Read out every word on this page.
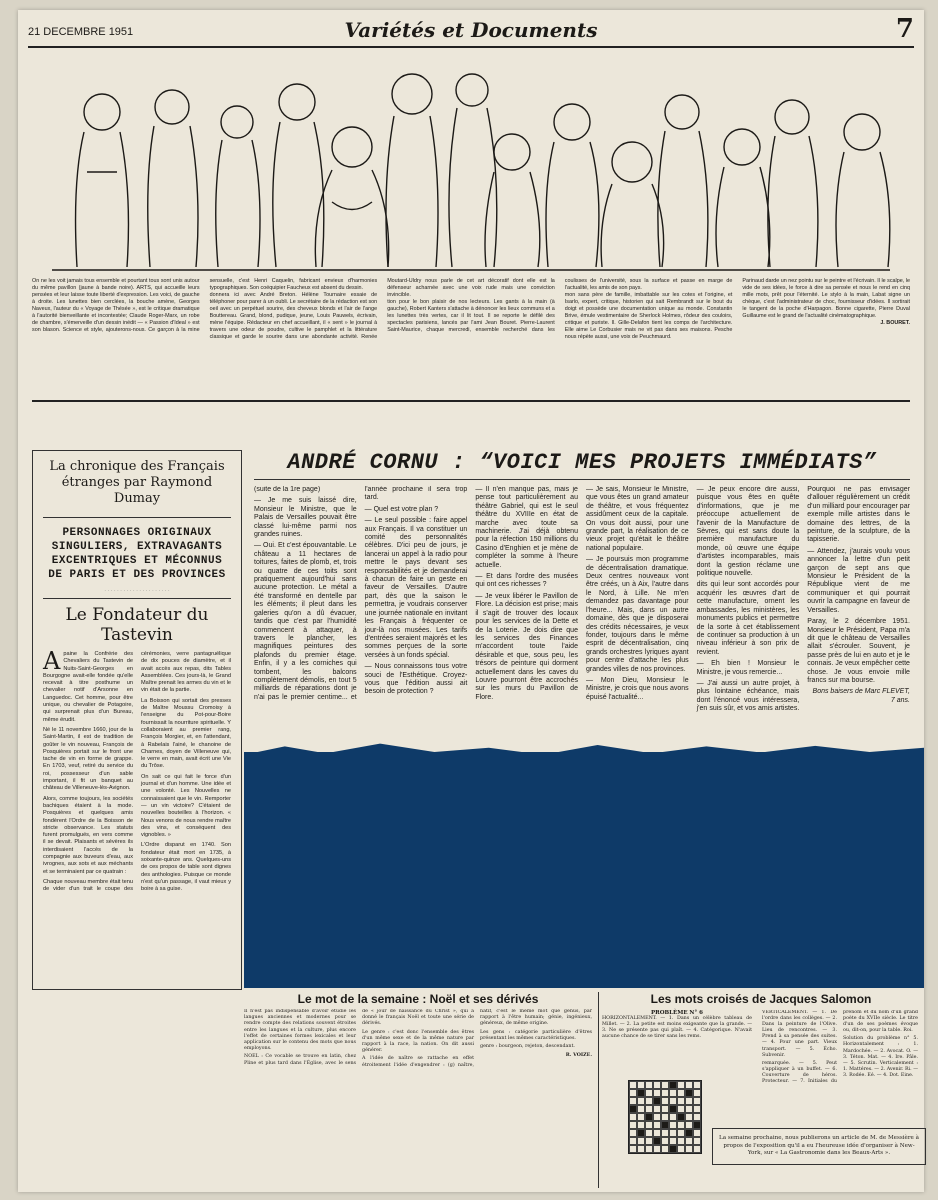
21 DECEMBRE 1951	Variétés et Documents	7

On ne les voit jamais tous ensemble et pourtant tous sont unis autour du même pavillon (jaune à bande noire). ARTS, qui accueille leurs pensées et leur laisse toute liberté d'expression. Les voici, de gauche à droite. Les lunettes bien cerclées, la bouche amène, Georges Naveux, l'auteur du « Voyage de Thésée », est le critique dramatique à l'autorité bienveillante et incontestée; Claude Roger-Marx, un robe de chambre, s'émerveille d'un dessin inédit — « Passion d'Ideal » est son blason. Science et style, ajouterons-nous. Ce garçon à la mine sensuelle, c'est Henri Caquelin, fabricant envieux d'harmonies typographiques. Son coéquipier Faucheux est absent du dessin.

donnera ici avec André Breton. Hélène Tournaire essaie de téléphoner pour parer à un oubli. Le secrétaire de la rédaction est son oeil avec un perpétuel sourire, des cheveux blonds et l'air de l'ange Bouttereau. Grand, blond, pudique, jeune, Louis Pauwels, écrivain, mène l'équipe. Rédacteur en chef accueillant, il « sent » le journal à travers une odeur de poudre, cultive le pamphlet et la littérature classique et garde le sourire dans une abondante activité. Renée Moutard-Uldry nous parle de cet art décoratif dont elle est la défenseur acharnée avec une voix rude mais une conviction invincible.

tion pour le bon plaisir de nos lecteurs. Les gants à la main (à gauche), Robert Kanters s'attache à dénoncer les lieux communs et a les lunettes très vertes, car il lit tout. Il se reporte le défilé des spectacles parisiens, lancés par l'ami Jean Bouret. Pierre-Laurent Saint-Maurice, chaque mercredi, ensemble recherché dans les coulisses de l'université, sous la surface et passe en marge de l'actualité, les amis de son pays.

mon sans père de famille, imbattable sur les cotes et l'origine, et Isarlo, expert, critique, historien qui sait Rembrandt sur le bout du doigt et possède une documentation unique au monde. Constantin Brive, émule vestimentaire de Sherlock Holmes, rôdeur des couloirs, critique et puriste. Il. Gille-Delafon tient les comps de l'architecture. Elle aime Le Corbusier mais ne vit pas dans ses maisons. Pesche nous répète aussi, une voix de Peuchmaurd.

Parinaud darde un nez pointu sur le peintre et l'écrivain. Il le scalpe, le vide de ses idées, le force à dire sa pensée et nous le rend en cinq mille mots, prêt pour l'éternité. Le stylo à la main, Labat signe un chèque, c'est l'administrateur de choc, fournisseur d'idées. Il sortirait le tangent de la poche d'Harpagon. Bonne cigarette, Pierre Duval Guillaume est le grand de l'actualité cinématographique.

J. BOURET.

La chronique des Français étranges par Raymond Dumay
PERSONNAGES ORIGINAUX SINGULIERS, EXTRAVAGANTS EXCENTRIQUES ET MÉCONNUS DE PARIS ET DES PROVINCES
· · · · · · · · · · · · · · · · · · · · ·
Le Fondateur du Tastevin

Apaine la Confrérie des Chevaliers du Tastevin de Nuits-Saint-Georges en Bourgogne avait-elle fondée qu'elle recevait à titre posthume un chevalier notif d'Arsonne en Languedoc. Cet homme, pour être unique, ou chevalier de Potagoire, qui surprenait plus d'un Bureau, même érudit.

Né le 11 novembre 1660, jour de la Saint-Martin, il est de tradition de goûter le vin nouveau, François de Posquières portait sur le front une tache de vin en forme de grappe. En 1703, veuf, retiré du service du roi, possesseur d'un sable important, il fit un banquet au château de Villeneuve-lès-Avignon.

Alors, comme toujours, les sociétés bachiques étaient à la mode. Posquières et quelques amis fondèrent l'Ordre de la Boisson de stricte observance. Les statuts furent promulgués, en vers comme il se devait. Plaisants et sévères ils interdisaient l'accès de la compagnie aux buveurs d'eau, aux ivrognes, aux sots et aux méchants et se terminaient par ce quatrain :

Chaque nouveau membre était tenu de vider d'un trait le coupe des cérémonies, verre pantagruélique de dix pouces de diamètre, et il avait accès aux repas, dits Tables Assemblées. Ces jours-là, le Grand Maître prenait les armes du vin et le vin était de la partie.

La Boisson qui sortait des presses de Maître Moussu Cromoisy à l'enseigne du Pot-pour-Boire fournissait la nourriture spirituelle. Y collaboraient au premier rang, François Morgier, et, en l'attendant, à Rabelais l'ainé, le chanoine de Charnes, doyen de Villeneuve qui, le verre en main, avait écrit une Vie du Trôse.

On sait ce qui fait le force d'un journal et d'un homme. Une idée et une volonté. Les Nouvelles ne connaissaient que le vin. Remporter — un vin victoire? C'étaient de nouvelles bouteilles à l'horizon. « Nous venons de nous rendre maître des vins, et conséquent des vignobles. »

L'Ordre disparut en 1740. Son fondateur était mort en 1735, à soixante-quinze ans. Quelques-uns de ces propos de table sont dignes des anthologies. Puisque ce monde n'est qu'un passage, il vaut mieux y boire à sa guise.

ANDRÉ CORNU : “VOICI MES PROJETS IMMÉDIATS”

(suite de la 1re page)

— Je me suis laissé dire, Monsieur le Ministre, que le Palais de Versailles pouvait être classé lui-même parmi nos grandes ruines.

— Oui. Et c'est épouvantable. Le château a 11 hectares de toitures, faites de plomb, et, trois ou quatre de ces toits sont pratiquement aujourd'hui sans aucune protection. Le métal a été transformé en dentelle par les éléments; il pleut dans les galeries qu'on a dû évacuer, tandis que c'est par l'humidité commencent à attaquer, à travers le plancher, les magnifiques peintures des plafonds du premier étage. Enfin, il y a les corniches qui tombent, les balcons complètement démolis, en tout 5 milliards de réparations dont je n'ai pas le premier centime... et l'année prochaine il sera trop tard.

— Quel est votre plan ?

— Le seul possible : faire appel aux Français. Il va constituer un comité des personnalités célèbres. D'ici peu de jours, je lancerai un appel à la radio pour mettre le pays devant ses responsabilités et je demanderai à chacun de faire un geste en faveur de Versailles. D'autre part, dès que la saison le permettra, je voudrais conserver une journée nationale en invitant les Français à fréquenter ce jour-là nos musées. Les tarifs d'entrées seraient majorés et les sommes perçues de la sorte versées à un fonds spécial.

— Nous connaissons tous votre souci de l'Esthétique. Croyez-vous que l'édition aussi ait besoin de protection ?

— Il n'en manque pas, mais je pense tout particulièrement au théâtre Gabriel, qui est le seul théâtre du XVIIIe en état de marche avec toute sa machinerie. J'ai déjà obtenu pour la réfection 150 millions du Casino d'Enghien et je mène de compléter la somme à l'heure actuelle.

— Et dans l'ordre des musées qui ont ces richesses ?

— Je veux libérer le Pavillon de Flore. La décision est prise; mais il s'agit de trouver des locaux pour les services de la Dette et de la Loterie. Je dois dire que les services des Finances m'accordent toute l'aide désirable et que, sous peu, les trésors de peinture qui dorment actuellement dans les caves du Louvre pourront être accrochés sur les murs du Pavillon de Flore.

— Je sais, Monsieur le Ministre, que vous êtes un grand amateur de théâtre, et vous fréquentez assidûment ceux de la capitale. On vous doit aussi, pour une grande part, la réalisation de ce vieux projet qu'était le théâtre national populaire.

— Je poursuis mon programme de décentralisation dramatique. Deux centres nouveaux vont être créés, un à Aix, l'autre dans le Nord, à Lille. Ne m'en demandez pas davantage pour l'heure... Mais, dans un autre domaine, dès que je disposerai des crédits nécessaires, je veux fonder, toujours dans le même esprit de décentralisation, cinq grands orchestres lyriques ayant pour centre d'attache les plus grandes villes de nos provinces.

— Mon Dieu, Monsieur le Ministre, je crois que nous avons épuisé l'actualité...

— Je peux encore dire aussi, puisque vous êtes en quête d'informations, que je me préoccupe actuellement de l'avenir de la Manufacture de Sèvres, qui est sans doute la première manufacture du monde, où œuvre une équipe d'artistes incomparables, mais dont la gestion réclame une politique nouvelle.

dits qui leur sont accordés pour acquérir les œuvres d'art de cette manufacture, ornent les ambassades, les ministères, les monuments publics et permettre de la sorte à cet établissement de continuer sa production à un niveau inférieur à son prix de revient.

— Eh bien ! Monsieur le Ministre, je vous remercie...

— J'ai aussi un autre projet, à plus lointaine échéance, mais dont l'énoncé vous intéressera, j'en suis sûr, et vos amis artistes. Pourquoi ne pas envisager d'allouer régulièrement un crédit d'un milliard pour encourager par exemple mille artistes dans le domaine des lettres, de la peinture, de la sculpture, de la tapisserie.

— Attendez, j'aurais voulu vous annoncer la lettre d'un petit garçon de sept ans que Monsieur le Président de la République vient de me communiquer et qui pourrait ouvrir la campagne en faveur de Versailles.

Paray, le 2 décembre 1951. Monsieur le Président, Papa m'a dit que le château de Versailles allait s'écrouler. Souvent, je passe près de lui en auto et je le connais. Je veux empêcher cette chose. Je vous envoie mille francs sur ma bourse.

Bons baisers de Marc FLEVET, 7 ans.

Le mot de la semaine : Noël et ses dérivés

Il n'est pas indispensable d'avoir étudié les langues anciennes et modernes pour se rendre compte des relations souvent étroites entre les langues et la culture, plus encore l'effet de certaines formes lexicales et leur application sur le contenu des mots que nous employons.

NOEL : Ce vocable se trouve en latin, chez Pline et plus tard dans l'Église, avec le sens de « jour de naissance du Christ », qui a donné le français Noël et toute une série de dérivés.

Le genre : c'est donc l'ensemble des êtres d'un même sexe et de la même nature par rapport à la race, la nation. On dit aussi générer.

A l'idée de naître se rattache en effet étroitement l'idée d'engendrer : (g) naître, natif, c'est le même mot que genus, par rapport à l'être humain; génie, ingénieux, généreux, de même origine.

Les gens : catégorie particulière d'êtres présentant les mêmes caractéristiques.

genre : bourgeon, rejeton, descendant.

R. VOIZE.

Les mots croisés de Jacques Salomon
PROBLÈME N° 6
HORIZONTALEMENT. — 1. Dans un célèbre tableau de Millet. — 2. La petite est moins exigeante que la grande. — 3. Ne se présente pas qui plaît. — 4. Catégorique. N'avait aucune chance de se tirer sans les rems.

VERTICALEMENT. — 1. De l'ordre dans les collèges. — 2. Dans la peinture de l'Olive. Lieu de rencontres. — 3. Prend à sa pensée des suites. — 4. Pour une part. Vieux transport. — 5. Écho. Subvenir.

remarquée. — 5. Peut s'appliquer à un buffet. — 6. Couverture de héros. Protecteur. — 7. Initiales du prénom et du nom d'un grand poète du XVIIe siècle. Le titre d'un de ses poèmes évoque ou, dit-on, pour la table. Roi.

Solution du problème n° 5. Horizontalement : 1. Mardochée. — 2. Avocat. O. — 3. Téton. Mat. — 4. Ire. Pâle. — 5. Scrutin. Verticalement : 1. Mattéres. — 2. Avenir. Ri. — 3. Rodée. Eé. — 4. Dot. Eine.

La semaine prochaine, nous publierons un article de M. de Messière à propos de l'exposition qu'il a eu l'heureuse idée d'organiser à New-York, sur « La Gastronomie dans les Beaux-Arts ».
